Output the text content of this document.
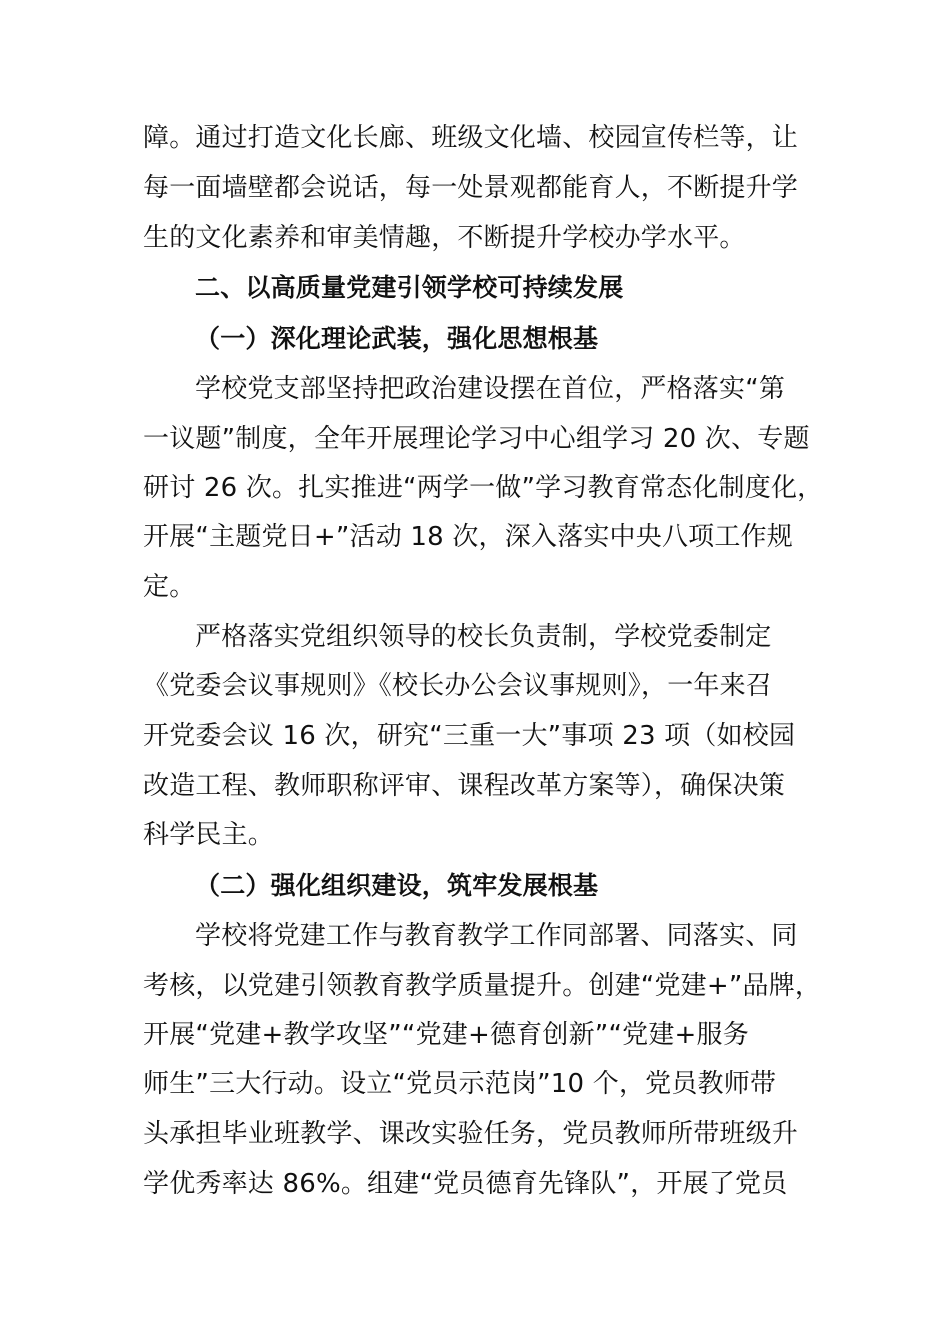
障。通过打造文化长廊、班级文化墙、校园宣传栏等，让
每一面墙壁都会说话，每一处景观都能育人，不断提升学
生的文化素养和审美情趣，不断提升学校办学水平。
二、以高质量党建引领学校可持续发展
（一）深化理论武装，强化思想根基
学校党支部坚持把政治建设摆在首位，严格落实“第
一议题”制度，全年开展理论学习中心组学习 20 次、专题
研讨 26 次。扎实推进“两学一做”学习教育常态化制度化，
开展“主题党日+”活动 18 次，深入落实中央八项工作规
定。
严格落实党组织领导的校长负责制，学校党委制定
《党委会议事规则》《校长办公会议事规则》，一年来召
开党委会议 16 次，研究“三重一大”事项 23 项（如校园
改造工程、教师职称评审、课程改革方案等），确保决策
科学民主。
（二）强化组织建设，筑牢发展根基
学校将党建工作与教育教学工作同部署、同落实、同
考核，以党建引领教育教学质量提升。创建“党建+”品牌，
开展“党建+教学攻坚”“党建+德育创新”“党建+服务
师生”三大行动。设立“党员示范岗”10 个，党员教师带
头承担毕业班教学、课改实验任务，党员教师所带班级升
学优秀率达 86%。组建“党员德育先锋队”，开展了党员
